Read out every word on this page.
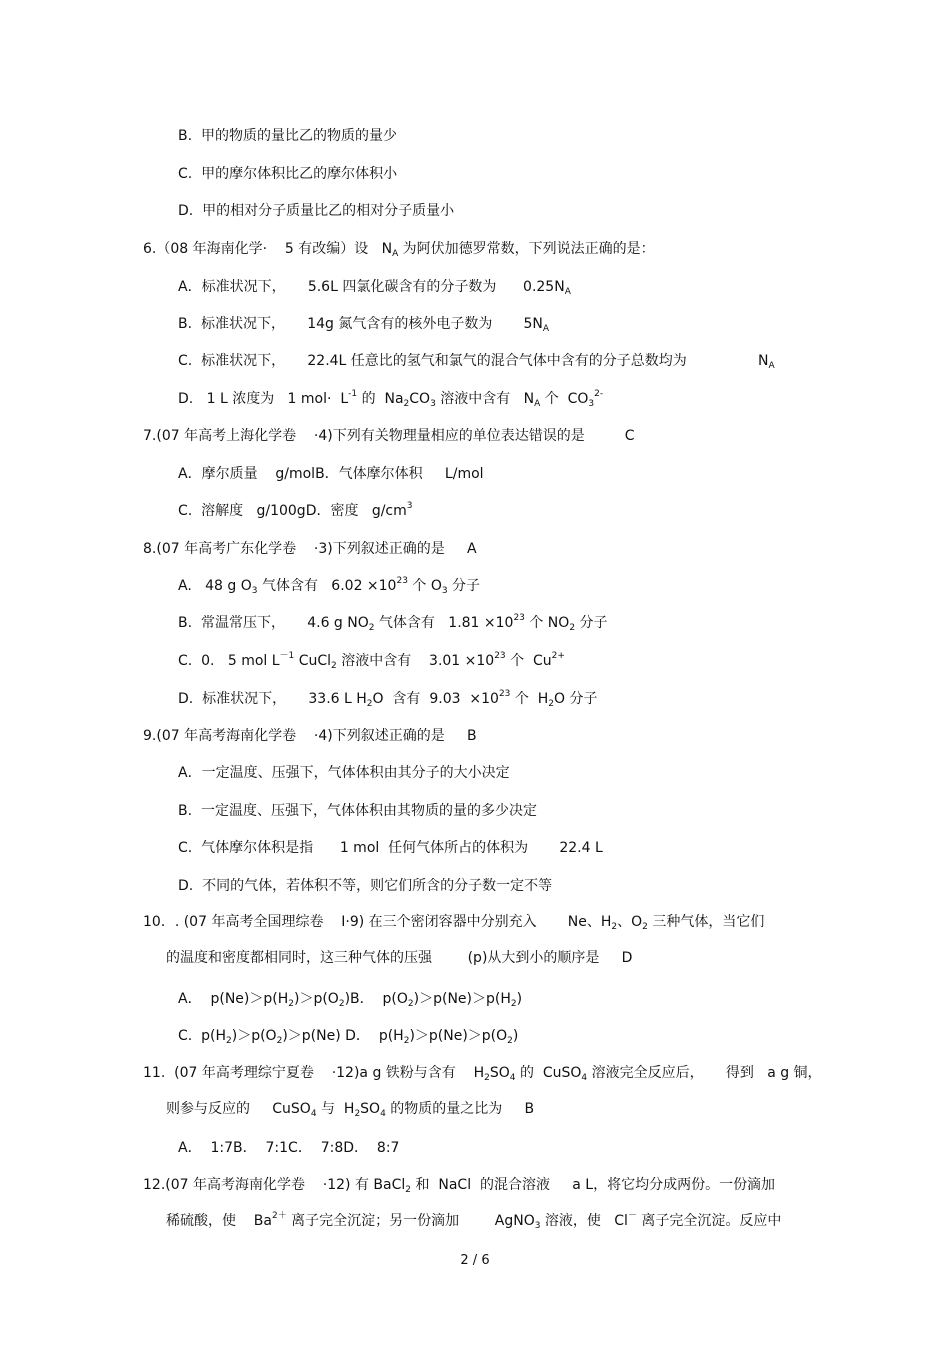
B.  甲的物质的量比乙的物质的量少
C.  甲的摩尔体积比乙的摩尔体积小
D.  甲的相对分子质量比乙的相对分子质量小
6.（08 年海南化学·    5 有改编）设   $N_A$ 为阿伏加德罗常数，下列说法正确的是：
A．标准状况下，     5.6L 四氯化碳含有的分子数为      $0.25N_A$
B.  标准状况下，     14g 氮气含有的核外电子数为       $5N_A$
C.  标准状况下，     22.4L 任意比的氢气和氯气的混合气体中含有的分子总数均为	$N_A$
D.   1 L 浓度为   1 $mol\cdot L^{-1}$ 的  $Na_2CO_3$ 溶液中含有   $N_A$ 个  $CO_3^{2-}$
7.(07 年高考上海化学卷    ·4)下列有关物理量相应的单位表达错误的是         C
A．摩尔质量    g/molB．气体摩尔体积     L/mol
C.  溶解度   g/100gD．密度   $g/cm^3$
8.(07 年高考广东化学卷    ·3)下列叙述正确的是     A
A.   48 g $O_3$ 气体含有   $6.02 \times 10^{23}$ 个 $O_3$ 分子
B.  常温常压下，     4.6 g $NO_2$ 气体含有   $1.81 \times 10^{23}$ 个 $NO_2$ 分子
C.  0.   5 mol $L^{-1}$ CuCl$_2$ 溶液中含有    $3.01 \times 10^{23}$ 个  $Cu^{2+}$
D.  标准状况下，     33.6 L $H_2O$  含有  $9.03 \times 10^{23}$ 个  $H_2O$ 分子
9.(07 年高考海南化学卷    ·4)下列叙述正确的是     B
A．一定温度、压强下，气体体积由其分子的大小决定
B.  一定温度、压强下，气体体积由其物质的量的多少决定
C.  气体摩尔体积是指      1 mol  任何气体所占的体积为       22.4 L
D.  不同的气体，若体积不等，则它们所含的分子数一定不等
10．. (07 年高考全国理综卷    Ⅰ·9) 在三个密闭容器中分别充入       Ne、$H_2$、$O_2$ 三种气体，当它们
的温度和密度都相同时，这三种气体的压强        (p)从大到小的顺序是     D
A．  $p(Ne)>p(H_2)>p(O_2)B$．  $p(O_2)>p(Ne)>p(H_2)$
C.  $p(H_2)>p(O_2)>p(Ne)$ D．  $p(H_2)>p(Ne)>p(O_2)$
11.  (07 年高考理综宁夏卷    ·12)a g 铁粉与含有    $H_2SO_4$ 的  CuSO$_4$ 溶液完全反应后，     得到   a g 铜，
则参与反应的     CuSO$_4$ 与  $H_2SO_4$ 的物质的量之比为     B
A．  1:7B．  7:1C．  7:8D．  8:7
12.(07 年高考海南化学卷    ·12) 有 BaCl$_2$ 和  NaCl  的混合溶液     a L，将它均分成两份。一份滴加
稀硫酸，使    $Ba^{2+}$ 离子完全沉淀；另一份滴加        AgNO$_3$ 溶液，使   Cl－ 离子完全沉淀。反应中
2 / 6
